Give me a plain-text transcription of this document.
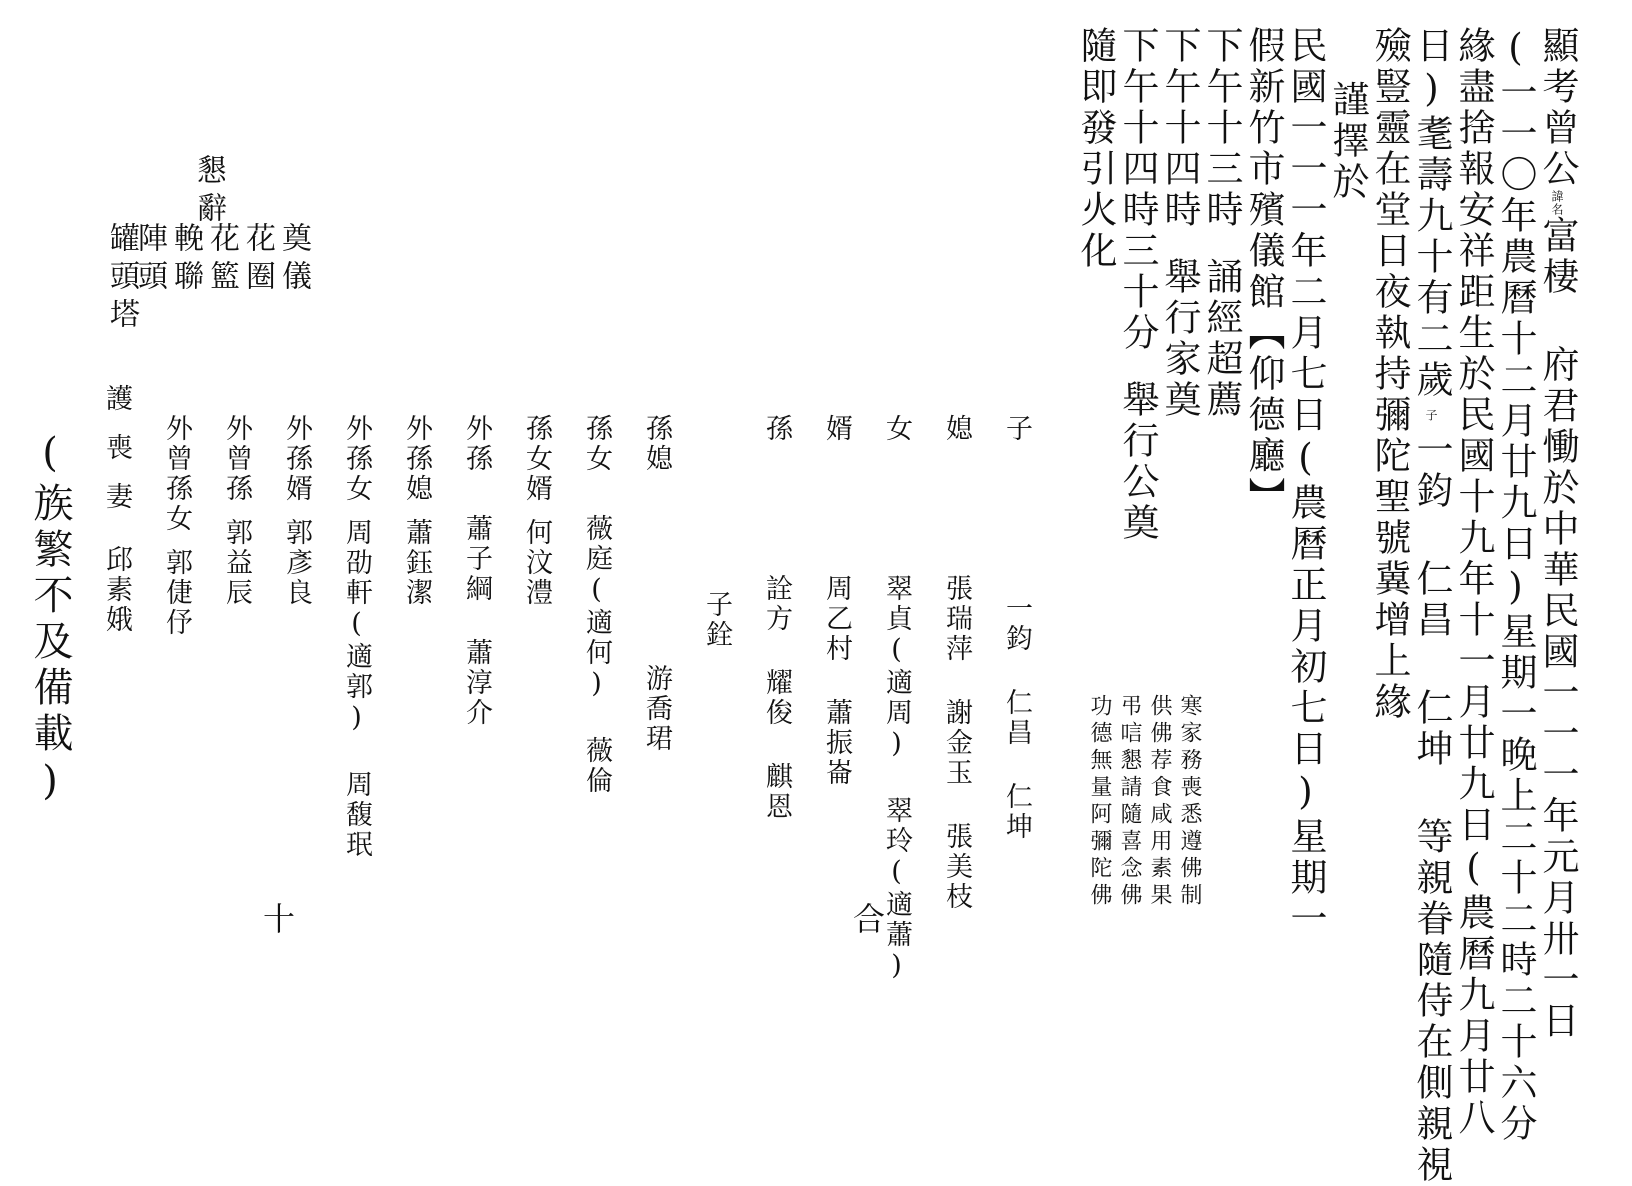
顯考曾公諱名富棲 府君慟於中華民國一一一年元月卅一日
(一一〇年農曆十二月廿九日)星期一晚上二十二時二十六分
緣盡捨報安祥距生於民國十九年十一月廿九日(農曆九月廿八
日)耄壽九十有二歲子一鈞 仁昌 仁坤 等親眷隨侍在側親視
殮豎靈在堂日夜執持彌陀聖號冀增上緣
謹擇於
民國一一一年二月七日(農曆正月初七日)星期一
假新竹市殯儀館【仰德廳】
下午十三時誦經超薦
下午十四時舉行家奠
下午十四時三十分舉行公奠
隨即發引火化
寒家務喪悉遵佛制
供佛荐食咸用素果
弔唁懇請隨喜念佛
功德無量阿彌陀佛
子一鈞 仁昌 仁坤
媳張瑞萍 謝金玉 張美枝
女翠貞(適周) 翠玲(適蕭)
婿周乙村 蕭振崙
孫詮方 耀俊 麒恩
子銓
孫媳游喬珺
孫女薇庭(適何) 薇倫
孫女婿何汶澧
外孫蕭子綱 蕭淳介
外孫媳蕭鈺潔
外孫女周劭軒(適郭) 周馥珉
外孫婿郭彥良
外曾孫郭益辰
外曾孫女郭倢伃
護喪妻邱素娥
合
十
懇辭
奠儀
花圈
花籃
輓聯
陣頭
罐頭塔
(族繁不及備載)
